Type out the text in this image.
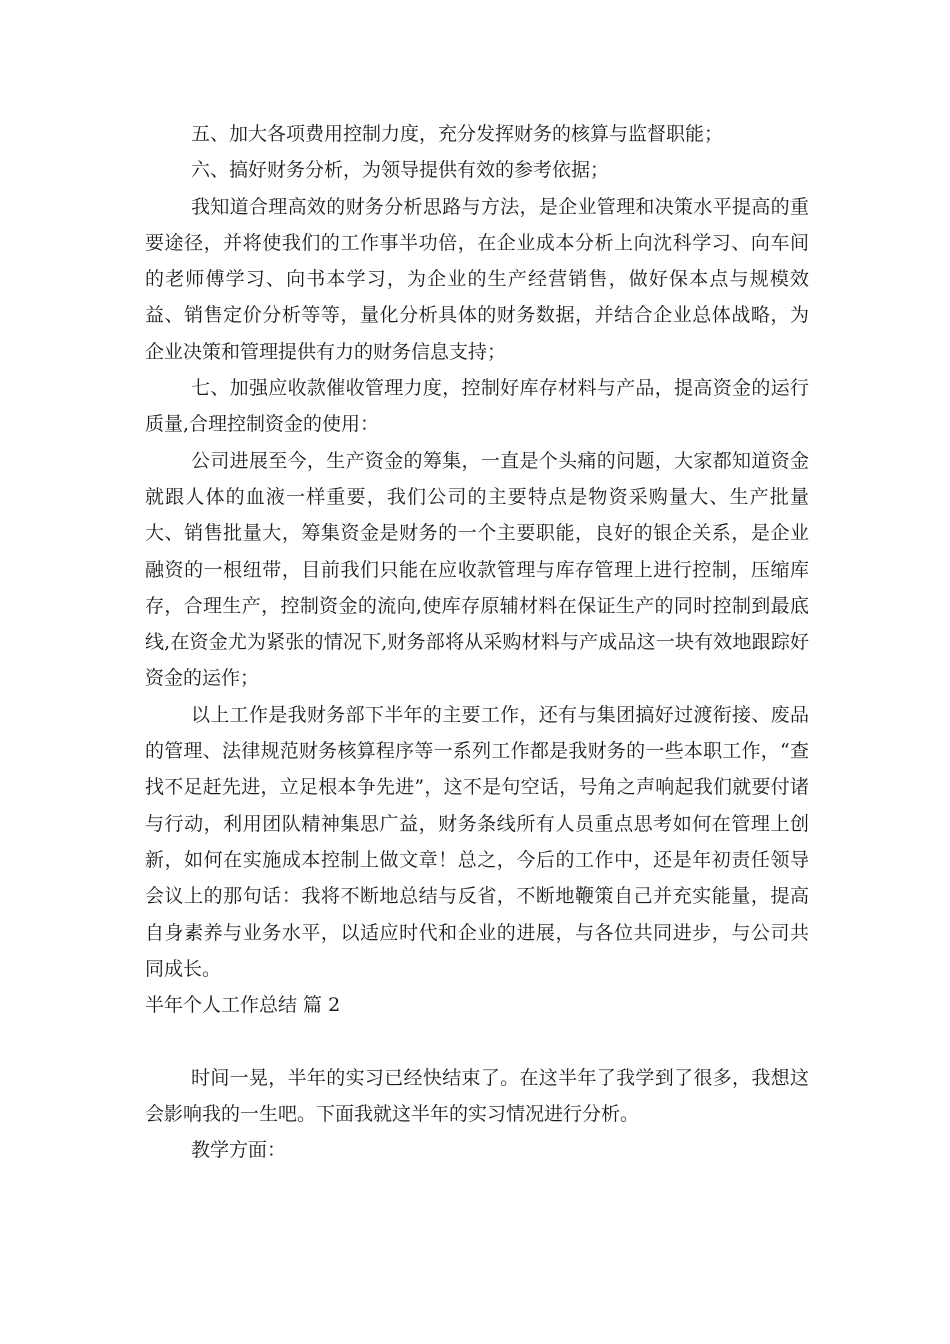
五、加大各项费用控制力度，充分发挥财务的核算与监督职能；

六、搞好财务分析，为领导提供有效的参考依据；

我知道合理高效的财务分析思路与方法，是企业管理和决策水平提高的重要途径，并将使我们的工作事半功倍，在企业成本分析上向沈科学习、向车间的老师傅学习、向书本学习，为企业的生产经营销售，做好保本点与规模效益、销售定价分析等等，量化分析具体的财务数据，并结合企业总体战略，为企业决策和管理提供有力的财务信息支持；

七、加强应收款催收管理力度，控制好库存材料与产品，提高资金的运行质量,合理控制资金的使用：

公司进展至今，生产资金的筹集，一直是个头痛的问题，大家都知道资金就跟人体的血液一样重要，我们公司的主要特点是物资采购量大、生产批量大、销售批量大，筹集资金是财务的一个主要职能，良好的银企关系，是企业融资的一根纽带，目前我们只能在应收款管理与库存管理上进行控制，压缩库存，合理生产，控制资金的流向,使库存原辅材料在保证生产的同时控制到最底线,在资金尤为紧张的情况下,财务部将从采购材料与产成品这一块有效地跟踪好资金的运作；

以上工作是我财务部下半年的主要工作，还有与集团搞好过渡衔接、废品的管理、法律规范财务核算程序等一系列工作都是我财务的一些本职工作，“查找不足赶先进，立足根本争先进”，这不是句空话，号角之声响起我们就要付诸与行动，利用团队精神集思广益，财务条线所有人员重点思考如何在管理上创新，如何在实施成本控制上做文章！总之，今后的工作中，还是年初责任领导会议上的那句话：我将不断地总结与反省，不断地鞭策自己并充实能量，提高自身素养与业务水平，以适应时代和企业的进展，与各位共同进步，与公司共同成长。

半年个人工作总结 篇 2

时间一晃，半年的实习已经快结束了。在这半年了我学到了很多，我想这会影响我的一生吧。下面我就这半年的实习情况进行分析。

教学方面：
